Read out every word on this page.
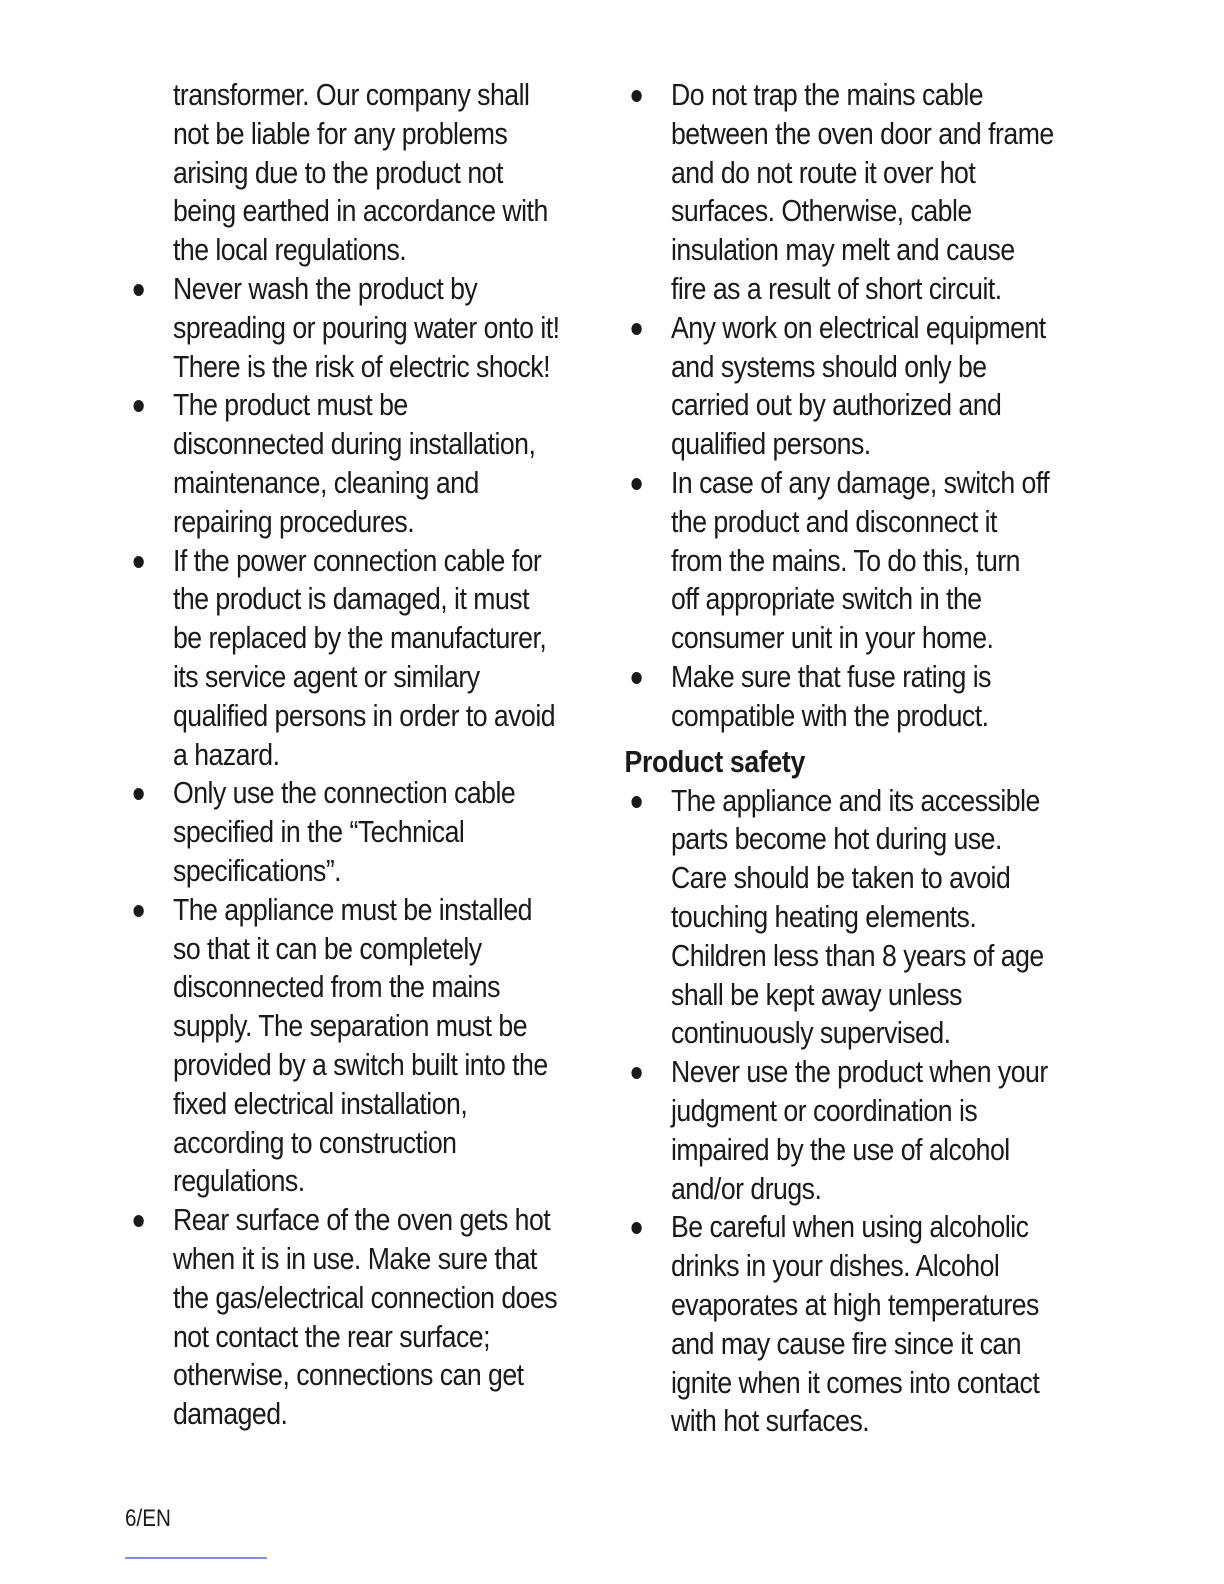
transformer. Our company shall
not be liable for any problems
arising due to the product not
being earthed in accordance with
the local regulations.
Never wash the product by
spreading or pouring water onto it!
There is the risk of electric shock!
The product must be
disconnected during installation,
maintenance, cleaning and
repairing procedures.
If the power connection cable for
the product is damaged, it must
be replaced by the manufacturer,
its service agent or similary
qualified persons in order to avoid
a hazard.
Only use the connection cable
specified in the “Technical
specifications”.
The appliance must be installed
so that it can be completely
disconnected from the mains
supply. The separation must be
provided by a switch built into the
fixed electrical installation,
according to construction
regulations.
Rear surface of the oven gets hot
when it is in use. Make sure that
the gas/electrical connection does
not contact the rear surface;
otherwise, connections can get
damaged.
Do not trap the mains cable
between the oven door and frame
and do not route it over hot
surfaces. Otherwise, cable
insulation may melt and cause
fire as a result of short circuit.
Any work on electrical equipment
and systems should only be
carried out by authorized and
qualified persons.
In case of any damage, switch off
the product and disconnect it
from the mains. To do this, turn
off appropriate switch in the
consumer unit in your home.
Make sure that fuse rating is
compatible with the product.
Product safety
The appliance and its accessible
parts become hot during use.
Care should be taken to avoid
touching heating elements.
Children less than 8 years of age
shall be kept away unless
continuously supervised.
Never use the product when your
judgment or coordination is
impaired by the use of alcohol
and/or drugs.
Be careful when using alcoholic
drinks in your dishes. Alcohol
evaporates at high temperatures
and may cause fire since it can
ignite when it comes into contact
with hot surfaces.
6/EN
